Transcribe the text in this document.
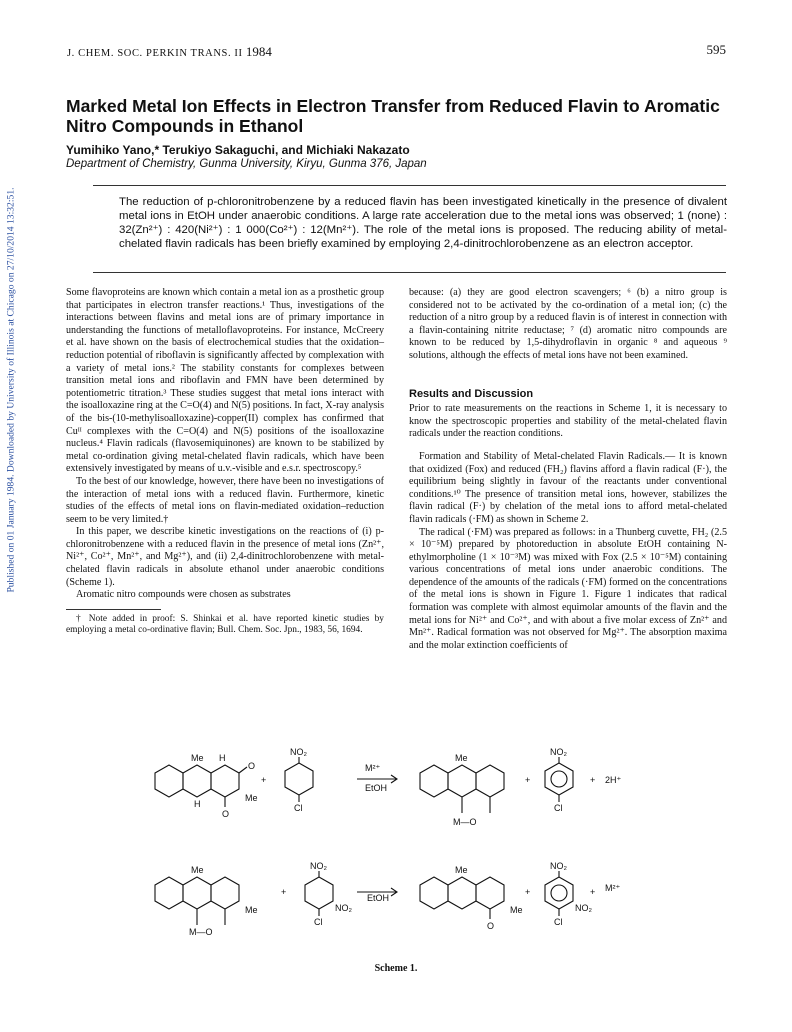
Published on 01 January 1984. Downloaded by University of Illinois at Chicago on 27/10/2014 13:32:51.
J. CHEM. SOC. PERKIN TRANS. II 1984	595
Marked Metal Ion Effects in Electron Transfer from Reduced Flavin to Aromatic Nitro Compounds in Ethanol
Yumihiko Yano,* Terukiyo Sakaguchi, and Michiaki Nakazato
Department of Chemistry, Gunma University, Kiryu, Gunma 376, Japan
The reduction of p-chloronitrobenzene by a reduced flavin has been investigated kinetically in the presence of divalent metal ions in EtOH under anaerobic conditions. A large rate acceleration due to the metal ions was observed; 1 (none) : 32(Zn²⁺) : 420(Ni²⁺) : 1 000(Co²⁺) : 12(Mn²⁺). The role of the metal ions is proposed. The reducing ability of metal-chelated flavin radicals has been briefly examined by employing 2,4-dinitrochlorobenzene as an electron acceptor.

Some flavoproteins are known which contain a metal ion as a prosthetic group that participates in electron transfer reactions.¹ Thus, investigations of the interactions between flavins and metal ions are of primary importance in understanding the functions of metalloflavoproteins. For instance, McCreery et al. have shown on the basis of electrochemical studies that the oxidation–reduction potential of riboflavin is significantly affected by complexation with a variety of metal ions.² The stability constants for complexes between transition metal ions and riboflavin and FMN have been determined by potentiometric titration.³ These studies suggest that metal ions interact with the isoalloxazine ring at the C=O(4) and N(5) positions. In fact, X-ray analysis of the bis-(10-methylisoalloxazine)-copper(II) complex has confirmed that Cuᴵᴵ complexes with the C=O(4) and N(5) positions of the isoalloxazine nucleus.⁴ Flavin radicals (flavosemiquinones) are known to be stabilized by metal co-ordination giving metal-chelated flavin radicals, which have been extensively investigated by means of u.v.-visible and e.s.r. spectroscopy.⁵

To the best of our knowledge, however, there have been no investigations of the interaction of metal ions with a reduced flavin. Furthermore, kinetic studies of the effects of metal ions on flavin-mediated oxidation–reduction seem to be very limited.†

In this paper, we describe kinetic investigations on the reactions of (i) p-chloronitrobenzene with a reduced flavin in the presence of metal ions (Zn²⁺, Ni²⁺, Co²⁺, Mn²⁺, and Mg²⁺), and (ii) 2,4-dinitrochlorobenzene with metal-chelated flavin radicals in absolute ethanol under anaerobic conditions (Scheme 1).

Aromatic nitro compounds were chosen as substrates

† Note added in proof: S. Shinkai et al. have reported kinetic studies by employing a metal co-ordinative flavin; Bull. Chem. Soc. Jpn., 1983, 56, 1694.

because: (a) they are good electron scavengers; ⁶ (b) a nitro group is considered not to be activated by the co-ordination of a metal ion; (c) the reduction of a nitro group by a reduced flavin is of interest in connection with a flavin-containing nitrite reductase; ⁷ (d) aromatic nitro compounds are known to be reduced by 1,5-dihydroflavin in organic ⁸ and aqueous ⁹ solutions, although the effects of metal ions have not been examined.

Results and Discussion

Prior to rate measurements on the reactions in Scheme 1, it is necessary to know the spectroscopic properties and stability of the metal-chelated flavin radicals under the reaction conditions.

Formation and Stability of Metal-chelated Flavin Radicals.— It is known that oxidized (Fox) and reduced (FH₂) flavins afford a flavin radical (F·), the equilibrium being slightly in favour of the reactants under conventional conditions.¹⁰ The presence of transition metal ions, however, stabilizes the flavin radical (F·) by chelation of the metal ions to afford metal-chelated flavin radicals (·FM) as shown in Scheme 2.

The radical (·FM) was prepared as follows: in a Thunberg cuvette, FH₂ (2.5 × 10⁻⁵M) prepared by photoreduction in absolute EtOH containing N-ethylmorpholine (1 × 10⁻³M) was mixed with Fox (2.5 × 10⁻⁵M) containing various concentrations of metal ions under anaerobic conditions. The dependence of the amounts of the radicals (·FM) formed on the concentrations of the metal ions is shown in Figure 1. Figure 1 indicates that radical formation was complete with almost equimolar amounts of the flavin and the metal ions for Ni²⁺ and Co²⁺, and with about a five molar excess of Zn²⁺ and Mn²⁺. Radical formation was not observed for Mg²⁺. The absorption maxima and the molar extinction coefficients of

Me H
O
H
O
Me
+
NO₂
Cl
M²⁺
EtOH
Me
M—O
+
NO₂
Cl
+ 2H⁺
Me
M—O
Me
+
NO₂
NO₂
Cl
EtOH
Me
O
Me
+
NO₂
NO₂
Cl
+ M²⁺
Scheme 1.
